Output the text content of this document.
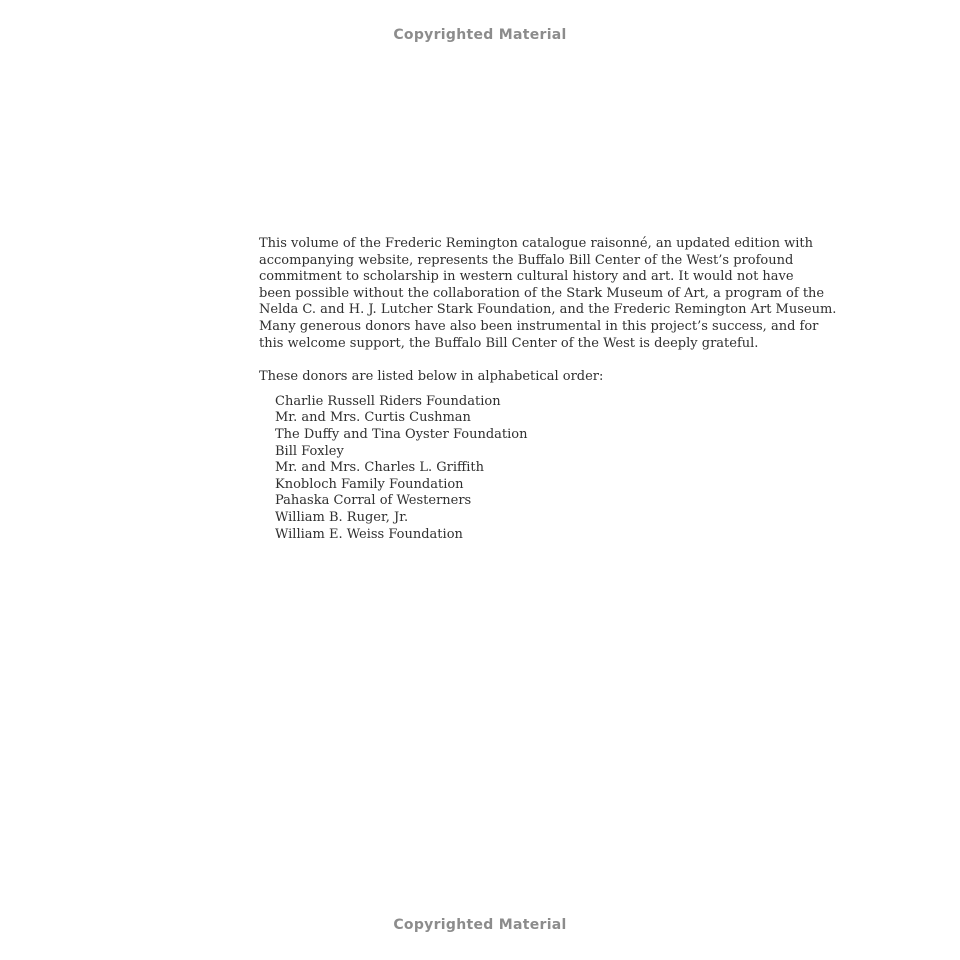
Copyrighted Material
This volume of the Frederic Remington catalogue raisonné, an updated edition with
accompanying website, represents the Buffalo Bill Center of the West’s profound
commitment to scholarship in western cultural history and art. It would not have
been possible without the collaboration of the Stark Museum of Art, a program of the
Nelda C. and H. J. Lutcher Stark Foundation, and the Frederic Remington Art Museum.
Many generous donors have also been instrumental in this project’s success, and for
this welcome support, the Buffalo Bill Center of the West is deeply grateful.
These donors are listed below in alphabetical order:
Charlie Russell Riders Foundation
Mr. and Mrs. Curtis Cushman
The Duffy and Tina Oyster Foundation
Bill Foxley
Mr. and Mrs. Charles L. Griffith
Knobloch Family Foundation
Pahaska Corral of Westerners
William B. Ruger, Jr.
William E. Weiss Foundation
Copyrighted Material
